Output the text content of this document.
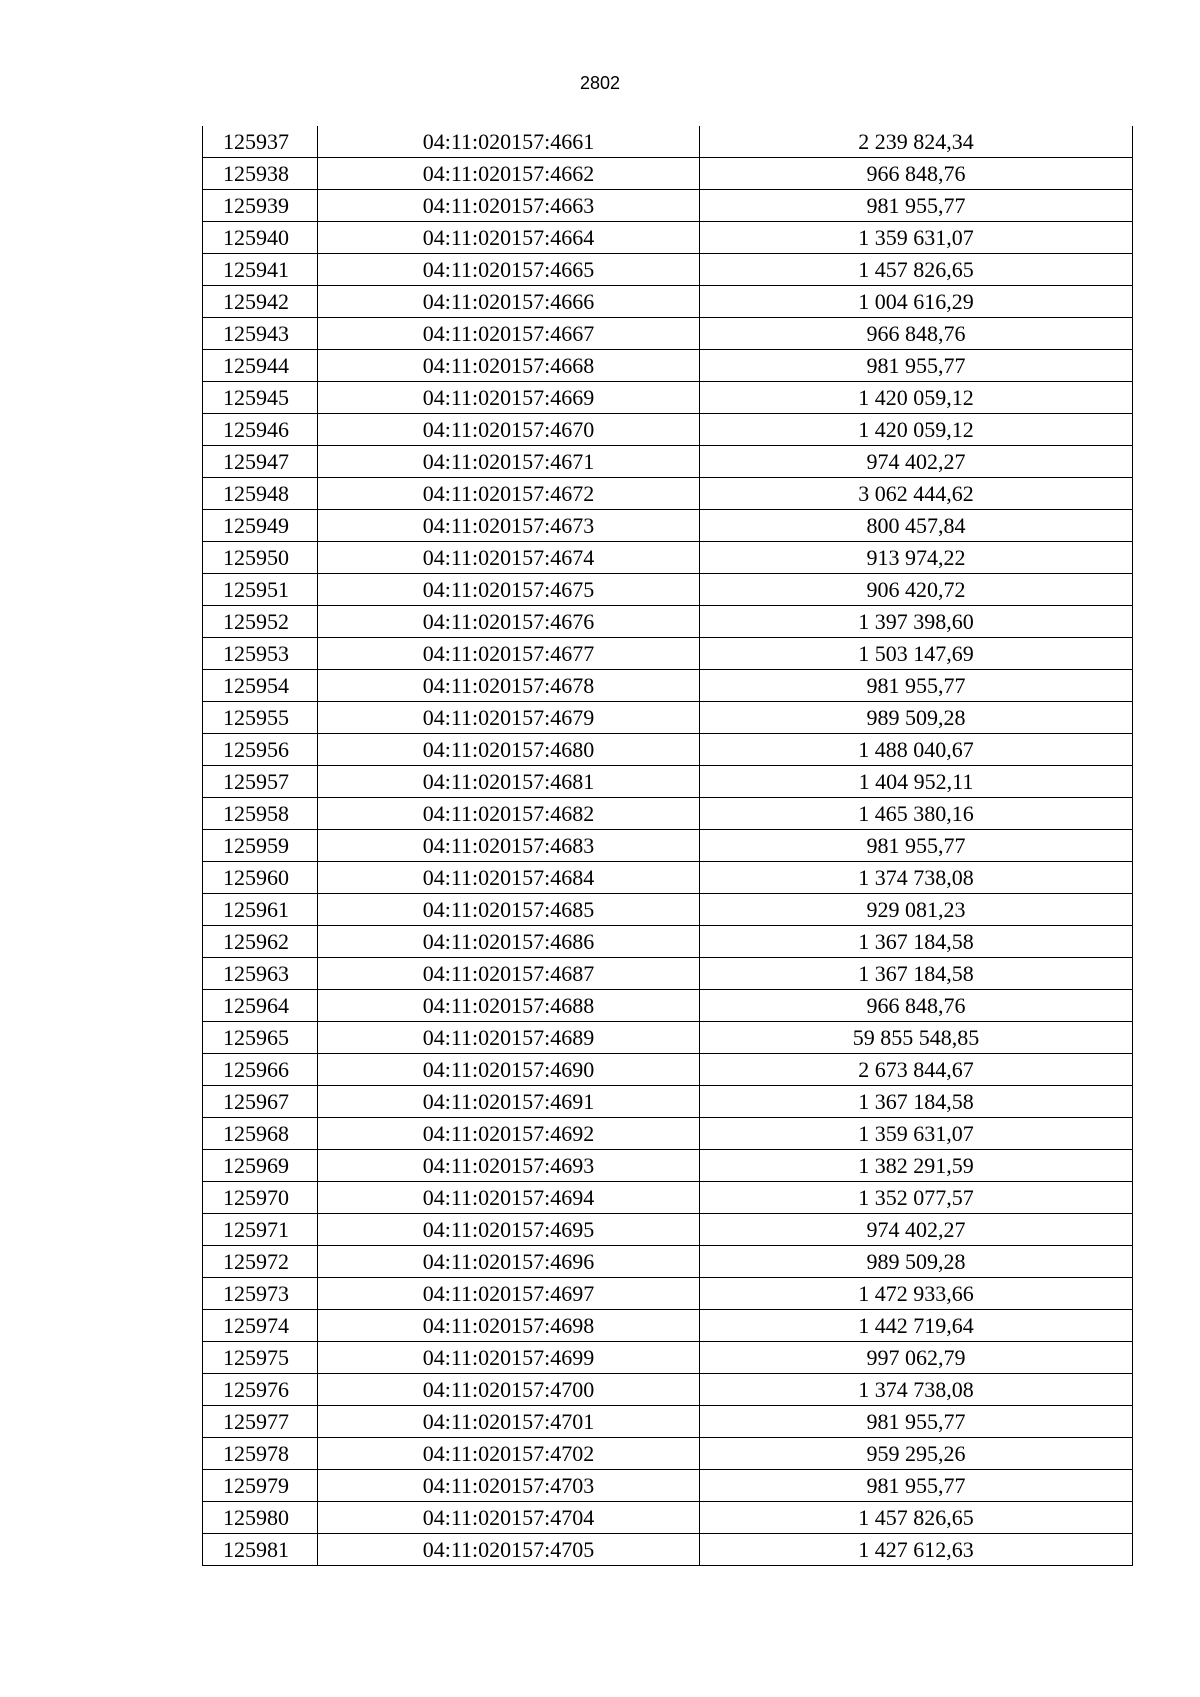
2802
125937	04:11:020157:4661	2 239 824,34
125938	04:11:020157:4662	966 848,76
125939	04:11:020157:4663	981 955,77
125940	04:11:020157:4664	1 359 631,07
125941	04:11:020157:4665	1 457 826,65
125942	04:11:020157:4666	1 004 616,29
125943	04:11:020157:4667	966 848,76
125944	04:11:020157:4668	981 955,77
125945	04:11:020157:4669	1 420 059,12
125946	04:11:020157:4670	1 420 059,12
125947	04:11:020157:4671	974 402,27
125948	04:11:020157:4672	3 062 444,62
125949	04:11:020157:4673	800 457,84
125950	04:11:020157:4674	913 974,22
125951	04:11:020157:4675	906 420,72
125952	04:11:020157:4676	1 397 398,60
125953	04:11:020157:4677	1 503 147,69
125954	04:11:020157:4678	981 955,77
125955	04:11:020157:4679	989 509,28
125956	04:11:020157:4680	1 488 040,67
125957	04:11:020157:4681	1 404 952,11
125958	04:11:020157:4682	1 465 380,16
125959	04:11:020157:4683	981 955,77
125960	04:11:020157:4684	1 374 738,08
125961	04:11:020157:4685	929 081,23
125962	04:11:020157:4686	1 367 184,58
125963	04:11:020157:4687	1 367 184,58
125964	04:11:020157:4688	966 848,76
125965	04:11:020157:4689	59 855 548,85
125966	04:11:020157:4690	2 673 844,67
125967	04:11:020157:4691	1 367 184,58
125968	04:11:020157:4692	1 359 631,07
125969	04:11:020157:4693	1 382 291,59
125970	04:11:020157:4694	1 352 077,57
125971	04:11:020157:4695	974 402,27
125972	04:11:020157:4696	989 509,28
125973	04:11:020157:4697	1 472 933,66
125974	04:11:020157:4698	1 442 719,64
125975	04:11:020157:4699	997 062,79
125976	04:11:020157:4700	1 374 738,08
125977	04:11:020157:4701	981 955,77
125978	04:11:020157:4702	959 295,26
125979	04:11:020157:4703	981 955,77
125980	04:11:020157:4704	1 457 826,65
125981	04:11:020157:4705	1 427 612,63
